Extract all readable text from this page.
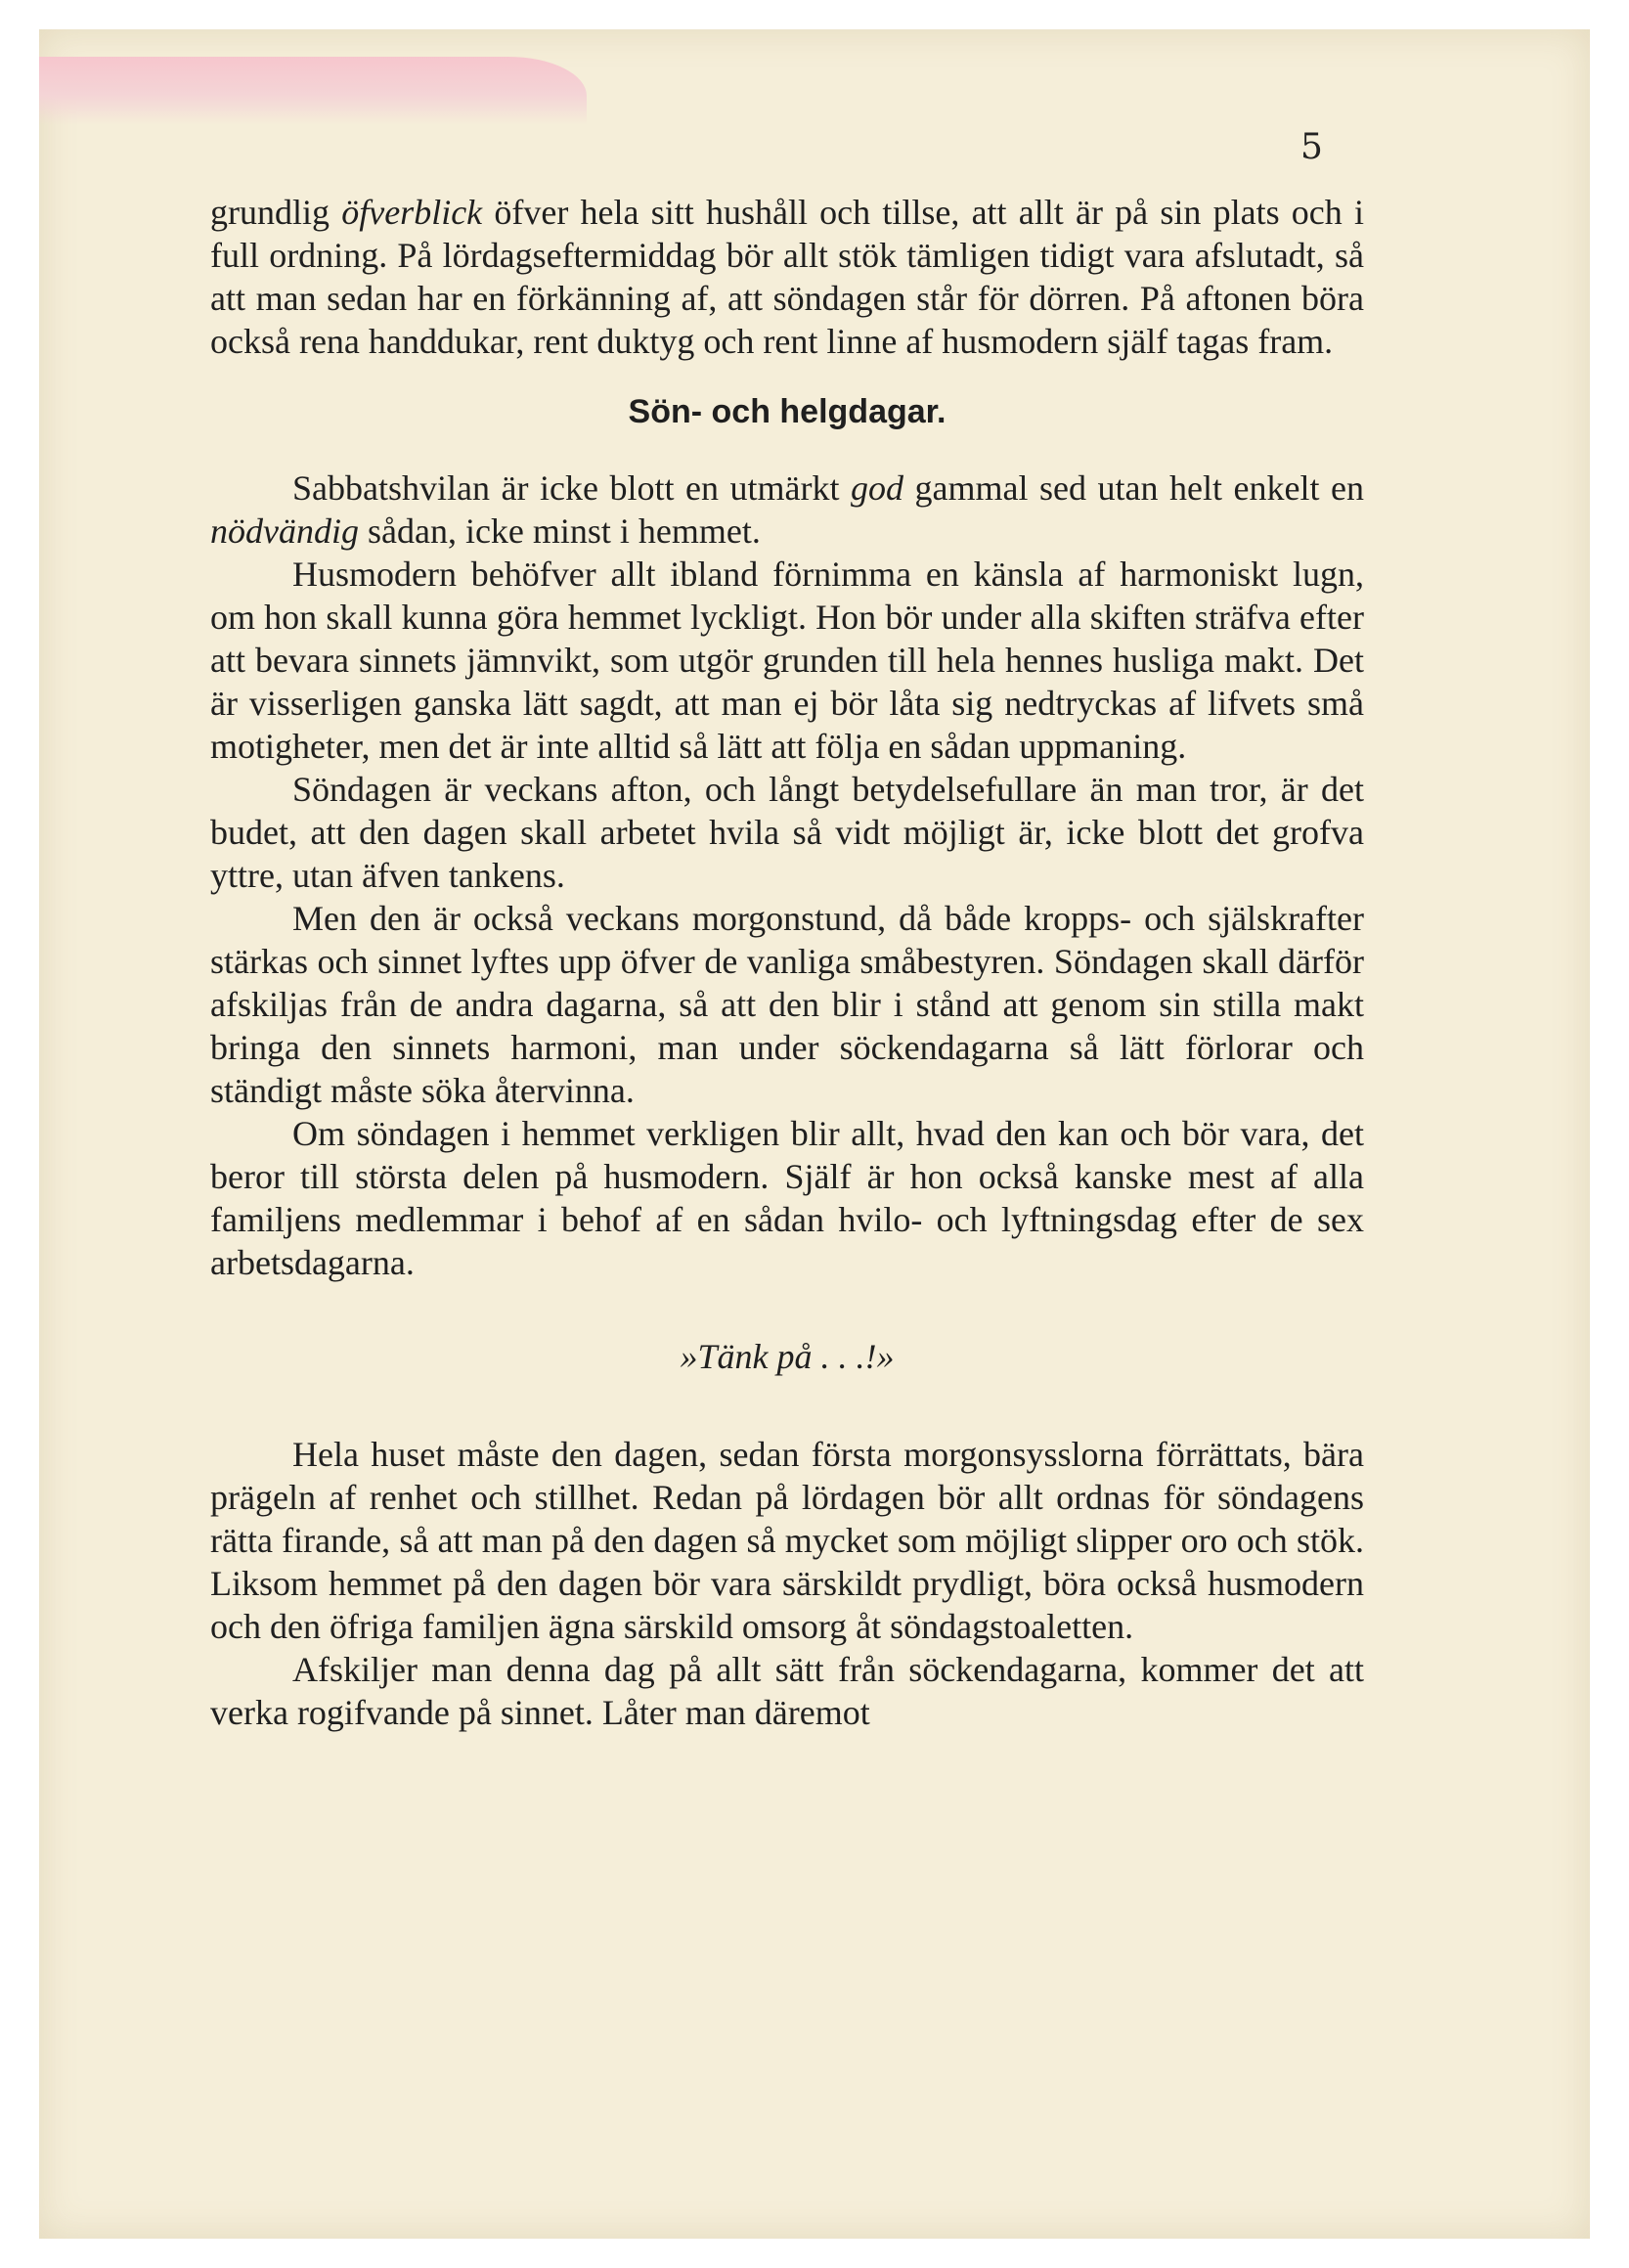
5

grundlig öfverblick öfver hela sitt hushåll och tillse, att allt är på sin plats och i full ordning. På lördagseftermiddag bör allt stök tämligen tidigt vara afslutadt, så att man sedan har en förkänning af, att söndagen står för dörren. På aftonen böra också rena handdukar, rent duktyg och rent linne af husmodern själf tagas fram.

Sön- och helgdagar.

Sabbatshvilan är icke blott en utmärkt god gammal sed utan helt enkelt en nödvändig sådan, icke minst i hemmet.

Husmodern behöfver allt ibland förnimma en känsla af harmoniskt lugn, om hon skall kunna göra hemmet lyckligt. Hon bör under alla skiften sträfva efter att bevara sinnets jämnvikt, som utgör grunden till hela hennes husliga makt. Det är visserligen ganska lätt sagdt, att man ej bör låta sig nedtryckas af lifvets små motigheter, men det är inte alltid så lätt att följa en sådan uppmaning.

Söndagen är veckans afton, och långt betydelsefullare än man tror, är det budet, att den dagen skall arbetet hvila så vidt möjligt är, icke blott det grofva yttre, utan äfven tankens.

Men den är också veckans morgonstund, då både kropps- och själskrafter stärkas och sinnet lyftes upp öfver de vanliga småbestyren. Söndagen skall därför afskiljas från de andra dagarna, så att den blir i stånd att genom sin stilla makt bringa den sinnets harmoni, man under söckendagarna så lätt förlorar och ständigt måste söka återvinna.

Om söndagen i hemmet verkligen blir allt, hvad den kan och bör vara, det beror till största delen på husmodern. Själf är hon också kanske mest af alla familjens medlemmar i behof af en sådan hvilo- och lyftningsdag efter de sex arbetsdagarna.

»Tänk på . . .!»

Hela huset måste den dagen, sedan första morgonsysslorna förrättats, bära prägeln af renhet och stillhet. Redan på lördagen bör allt ordnas för söndagens rätta firande, så att man på den dagen så mycket som möjligt slipper oro och stök. Liksom hemmet på den dagen bör vara särskildt prydligt, böra också husmodern och den öfriga familjen ägna särskild omsorg åt söndagstoaletten.

Afskiljer man denna dag på allt sätt från söckendagarna, kommer det att verka rogifvande på sinnet. Låter man däremot
